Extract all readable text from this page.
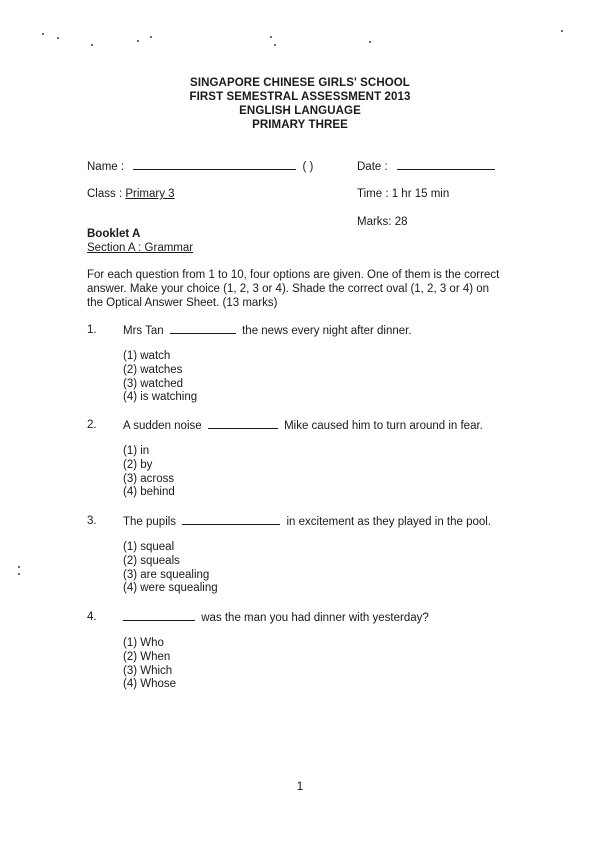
SINGAPORE CHINESE GIRLS' SCHOOL
FIRST SEMESTRAL ASSESSMENT 2013
ENGLISH LANGUAGE
PRIMARY THREE
Name :	( )	Date :
Class : Primary 3	Time : 1 hr 15 min
Marks: 28
Booklet A
Section A : Grammar
For each question from 1 to 10, four options are given. One of them is the correct
answer. Make your choice (1, 2, 3 or 4). Shade the correct oval (1, 2, 3 or 4) on
the Optical Answer Sheet. (13 marks)
1. Mrs Tan	the news every night after dinner.
(1) watch
(2) watches
(3) watched
(4) is watching
2. A sudden noise	Mike caused him to turn around in fear.
(1) in
(2) by
(3) across
(4) behind
3. The pupils	in excitement as they played in the pool.
(1) squeal
(2) squeals
(3) are squealing
(4) were squealing
4.	was the man you had dinner with yesterday?
(1) Who
(2) When
(3) Which
(4) Whose
1
